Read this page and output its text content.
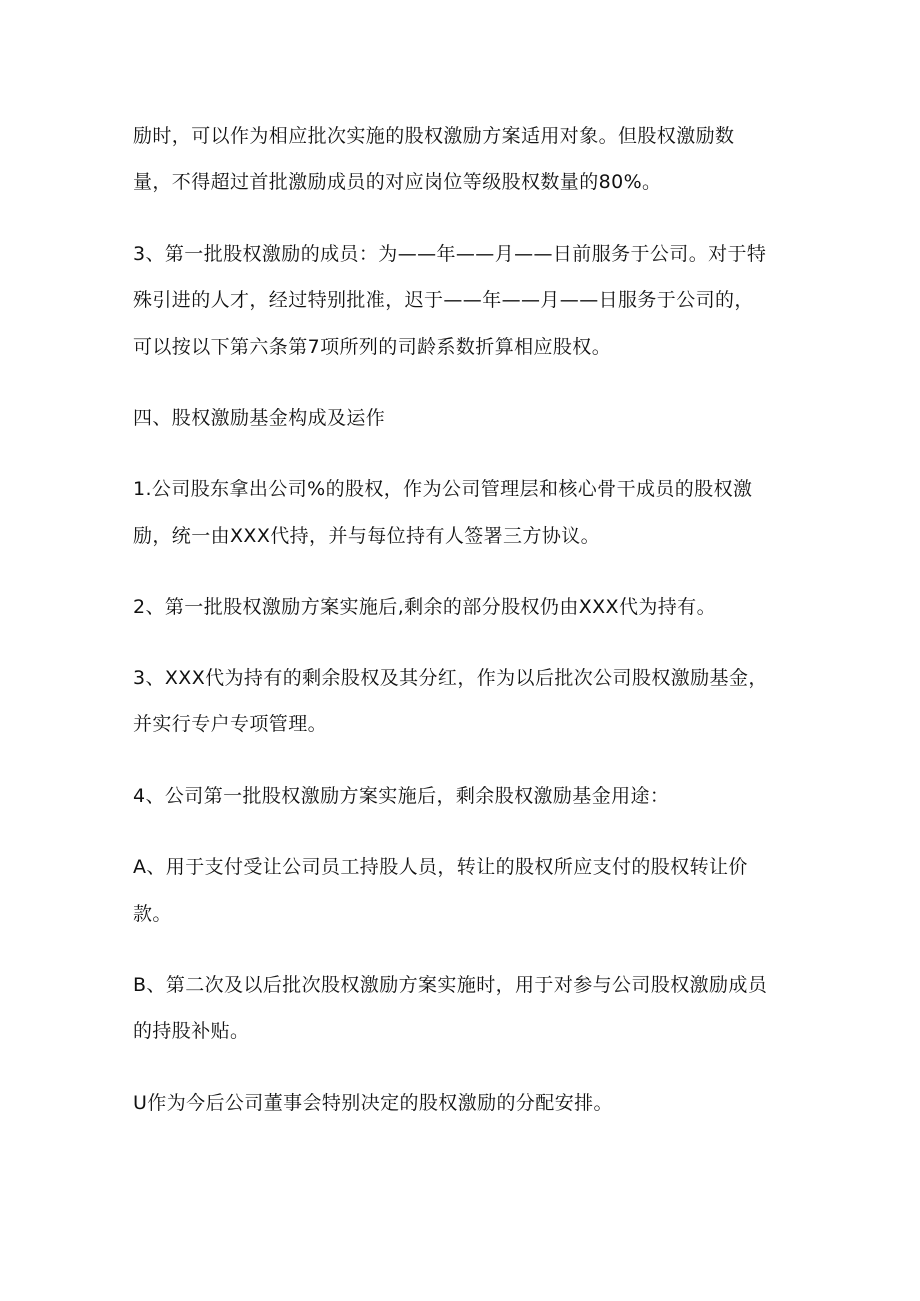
励时，可以作为相应批次实施的股权激励方案适用对象。但股权激励数

量，不得超过首批激励成员的对应岗位等级股权数量的80%。

3、第一批股权激励的成员：为——年——月——日前服务于公司。对于特

殊引进的人才，经过特别批准，迟于——年——月——日服务于公司的，

可以按以下第六条第7项所列的司龄系数折算相应股权。

四、股权激励基金构成及运作

1.公司股东拿出公司%的股权，作为公司管理层和核心骨干成员的股权激

励，统一由XXX代持，并与每位持有人签署三方协议。

2、第一批股权激励方案实施后,剩余的部分股权仍由XXX代为持有。

3、XXX代为持有的剩余股权及其分红，作为以后批次公司股权激励基金，

并实行专户专项管理。

4、公司第一批股权激励方案实施后，剩余股权激励基金用途：

A、用于支付受让公司员工持股人员，转让的股权所应支付的股权转让价

款。

B、第二次及以后批次股权激励方案实施时，用于对参与公司股权激励成员

的持股补贴。

U作为今后公司董事会特别决定的股权激励的分配安排。
